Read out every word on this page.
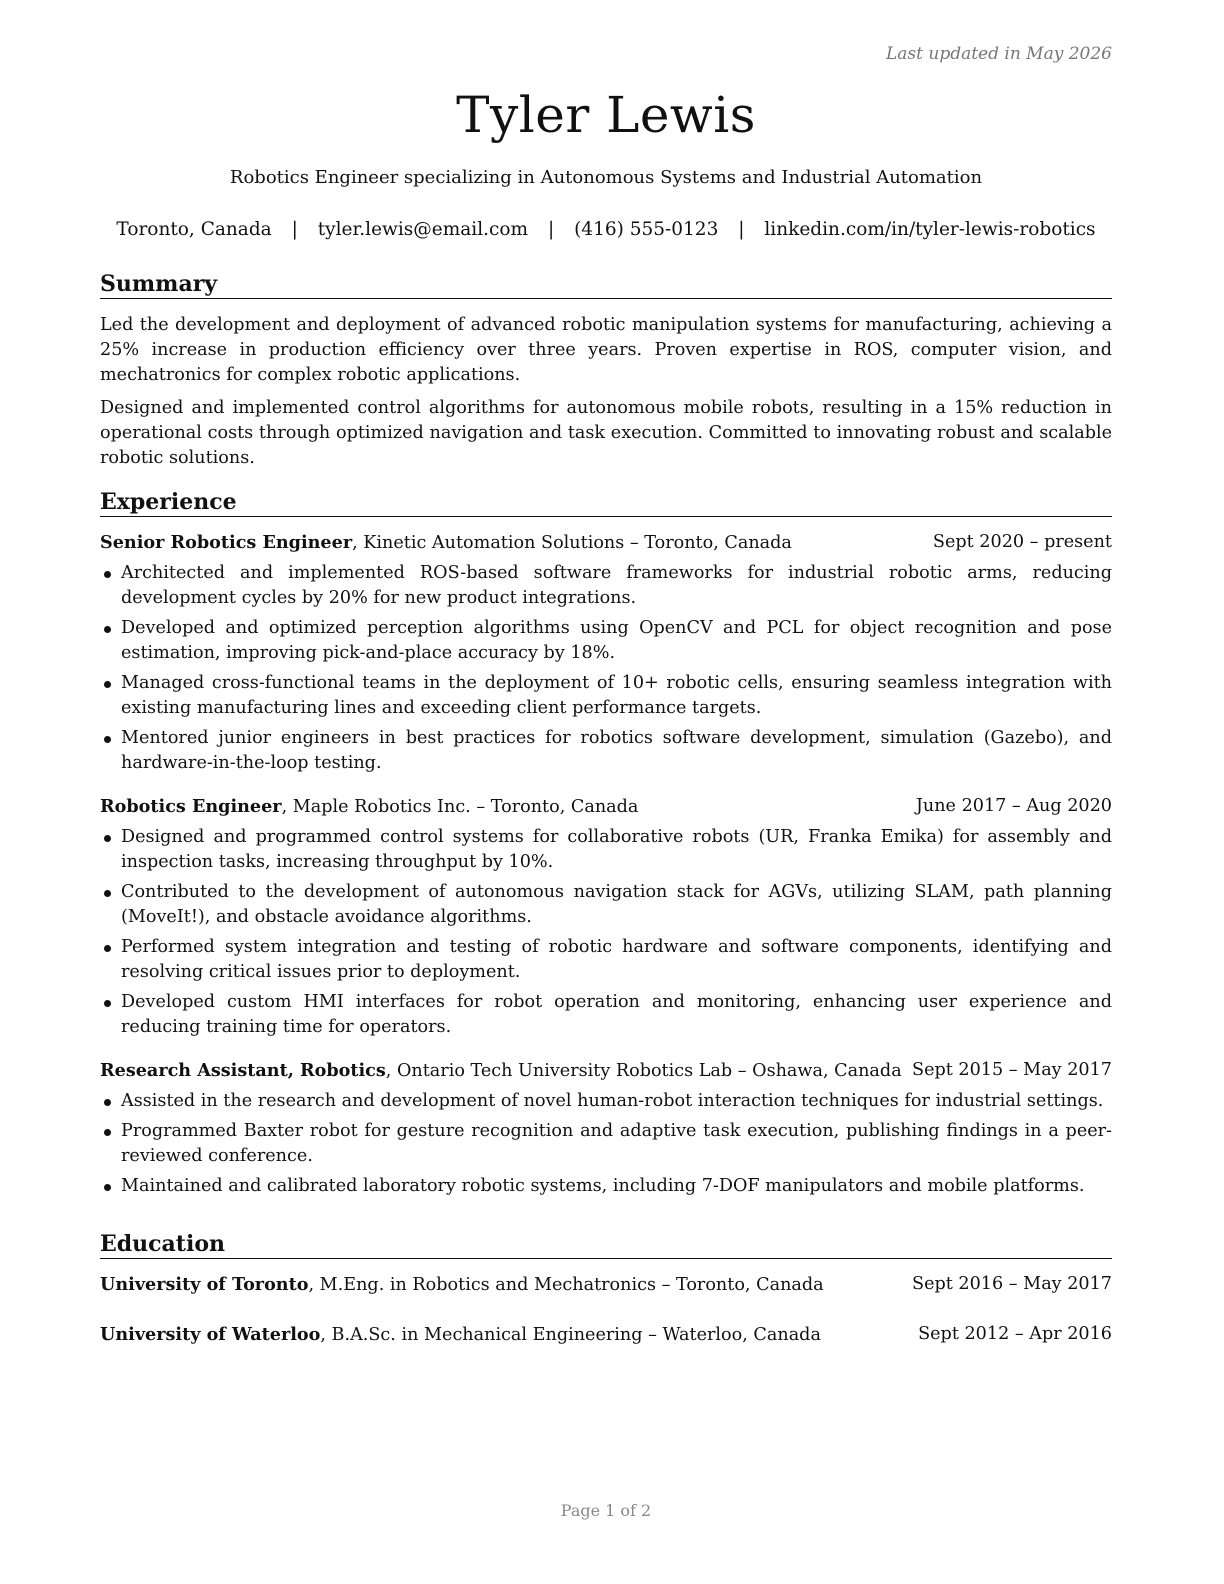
Last updated in May 2026
Tyler Lewis
Robotics Engineer specializing in Autonomous Systems and Industrial Automation
Toronto, Canada | tyler.lewis@email.com | (416) 555-0123 | linkedin.com/in/tyler-lewis-robotics
Summary

Led the development and deployment of advanced robotic manipulation systems for manufacturing, achieving a 25% increase in production efficiency over three years. Proven expertise in ROS, computer vision, and mechatronics for complex robotic applications.

Designed and implemented control algorithms for autonomous mobile robots, resulting in a 15% reduction in operational costs through optimized navigation and task execution. Committed to innovating robust and scalable robotic solutions.

Experience
Senior Robotics Engineer, Kinetic Automation Solutions – Toronto, Canada	Sept 2020 – present
Architected and implemented ROS-based software frameworks for industrial robotic arms, reducing development cycles by 20% for new product integrations.
Developed and optimized perception algorithms using OpenCV and PCL for object recognition and pose estimation, improving pick-and-place accuracy by 18%.
Managed cross-functional teams in the deployment of 10+ robotic cells, ensuring seamless integration with existing manufacturing lines and exceeding client performance targets.
Mentored junior engineers in best practices for robotics software development, simulation (Gazebo), and hardware-in-the-loop testing.
Robotics Engineer, Maple Robotics Inc. – Toronto, Canada	June 2017 – Aug 2020
Designed and programmed control systems for collaborative robots (UR, Franka Emika) for assembly and inspection tasks, increasing throughput by 10%.
Contributed to the development of autonomous navigation stack for AGVs, utilizing SLAM, path planning (MoveIt!), and obstacle avoidance algorithms.
Performed system integration and testing of robotic hardware and software components, identifying and resolving critical issues prior to deployment.
Developed custom HMI interfaces for robot operation and monitoring, enhancing user experience and reducing training time for operators.
Research Assistant, Robotics, Ontario Tech University Robotics Lab – Oshawa, Canada Sept 2015 – May 2017
Assisted in the research and development of novel human-robot interaction techniques for industrial settings.
Programmed Baxter robot for gesture recognition and adaptive task execution, publishing findings in a peer-reviewed conference.
Maintained and calibrated laboratory robotic systems, including 7-DOF manipulators and mobile platforms.
Education
University of Toronto, M.Eng. in Robotics and Mechatronics – Toronto, Canada	Sept 2016 – May 2017
University of Waterloo, B.A.Sc. in Mechanical Engineering – Waterloo, Canada	Sept 2012 – Apr 2016
Page 1 of 2
